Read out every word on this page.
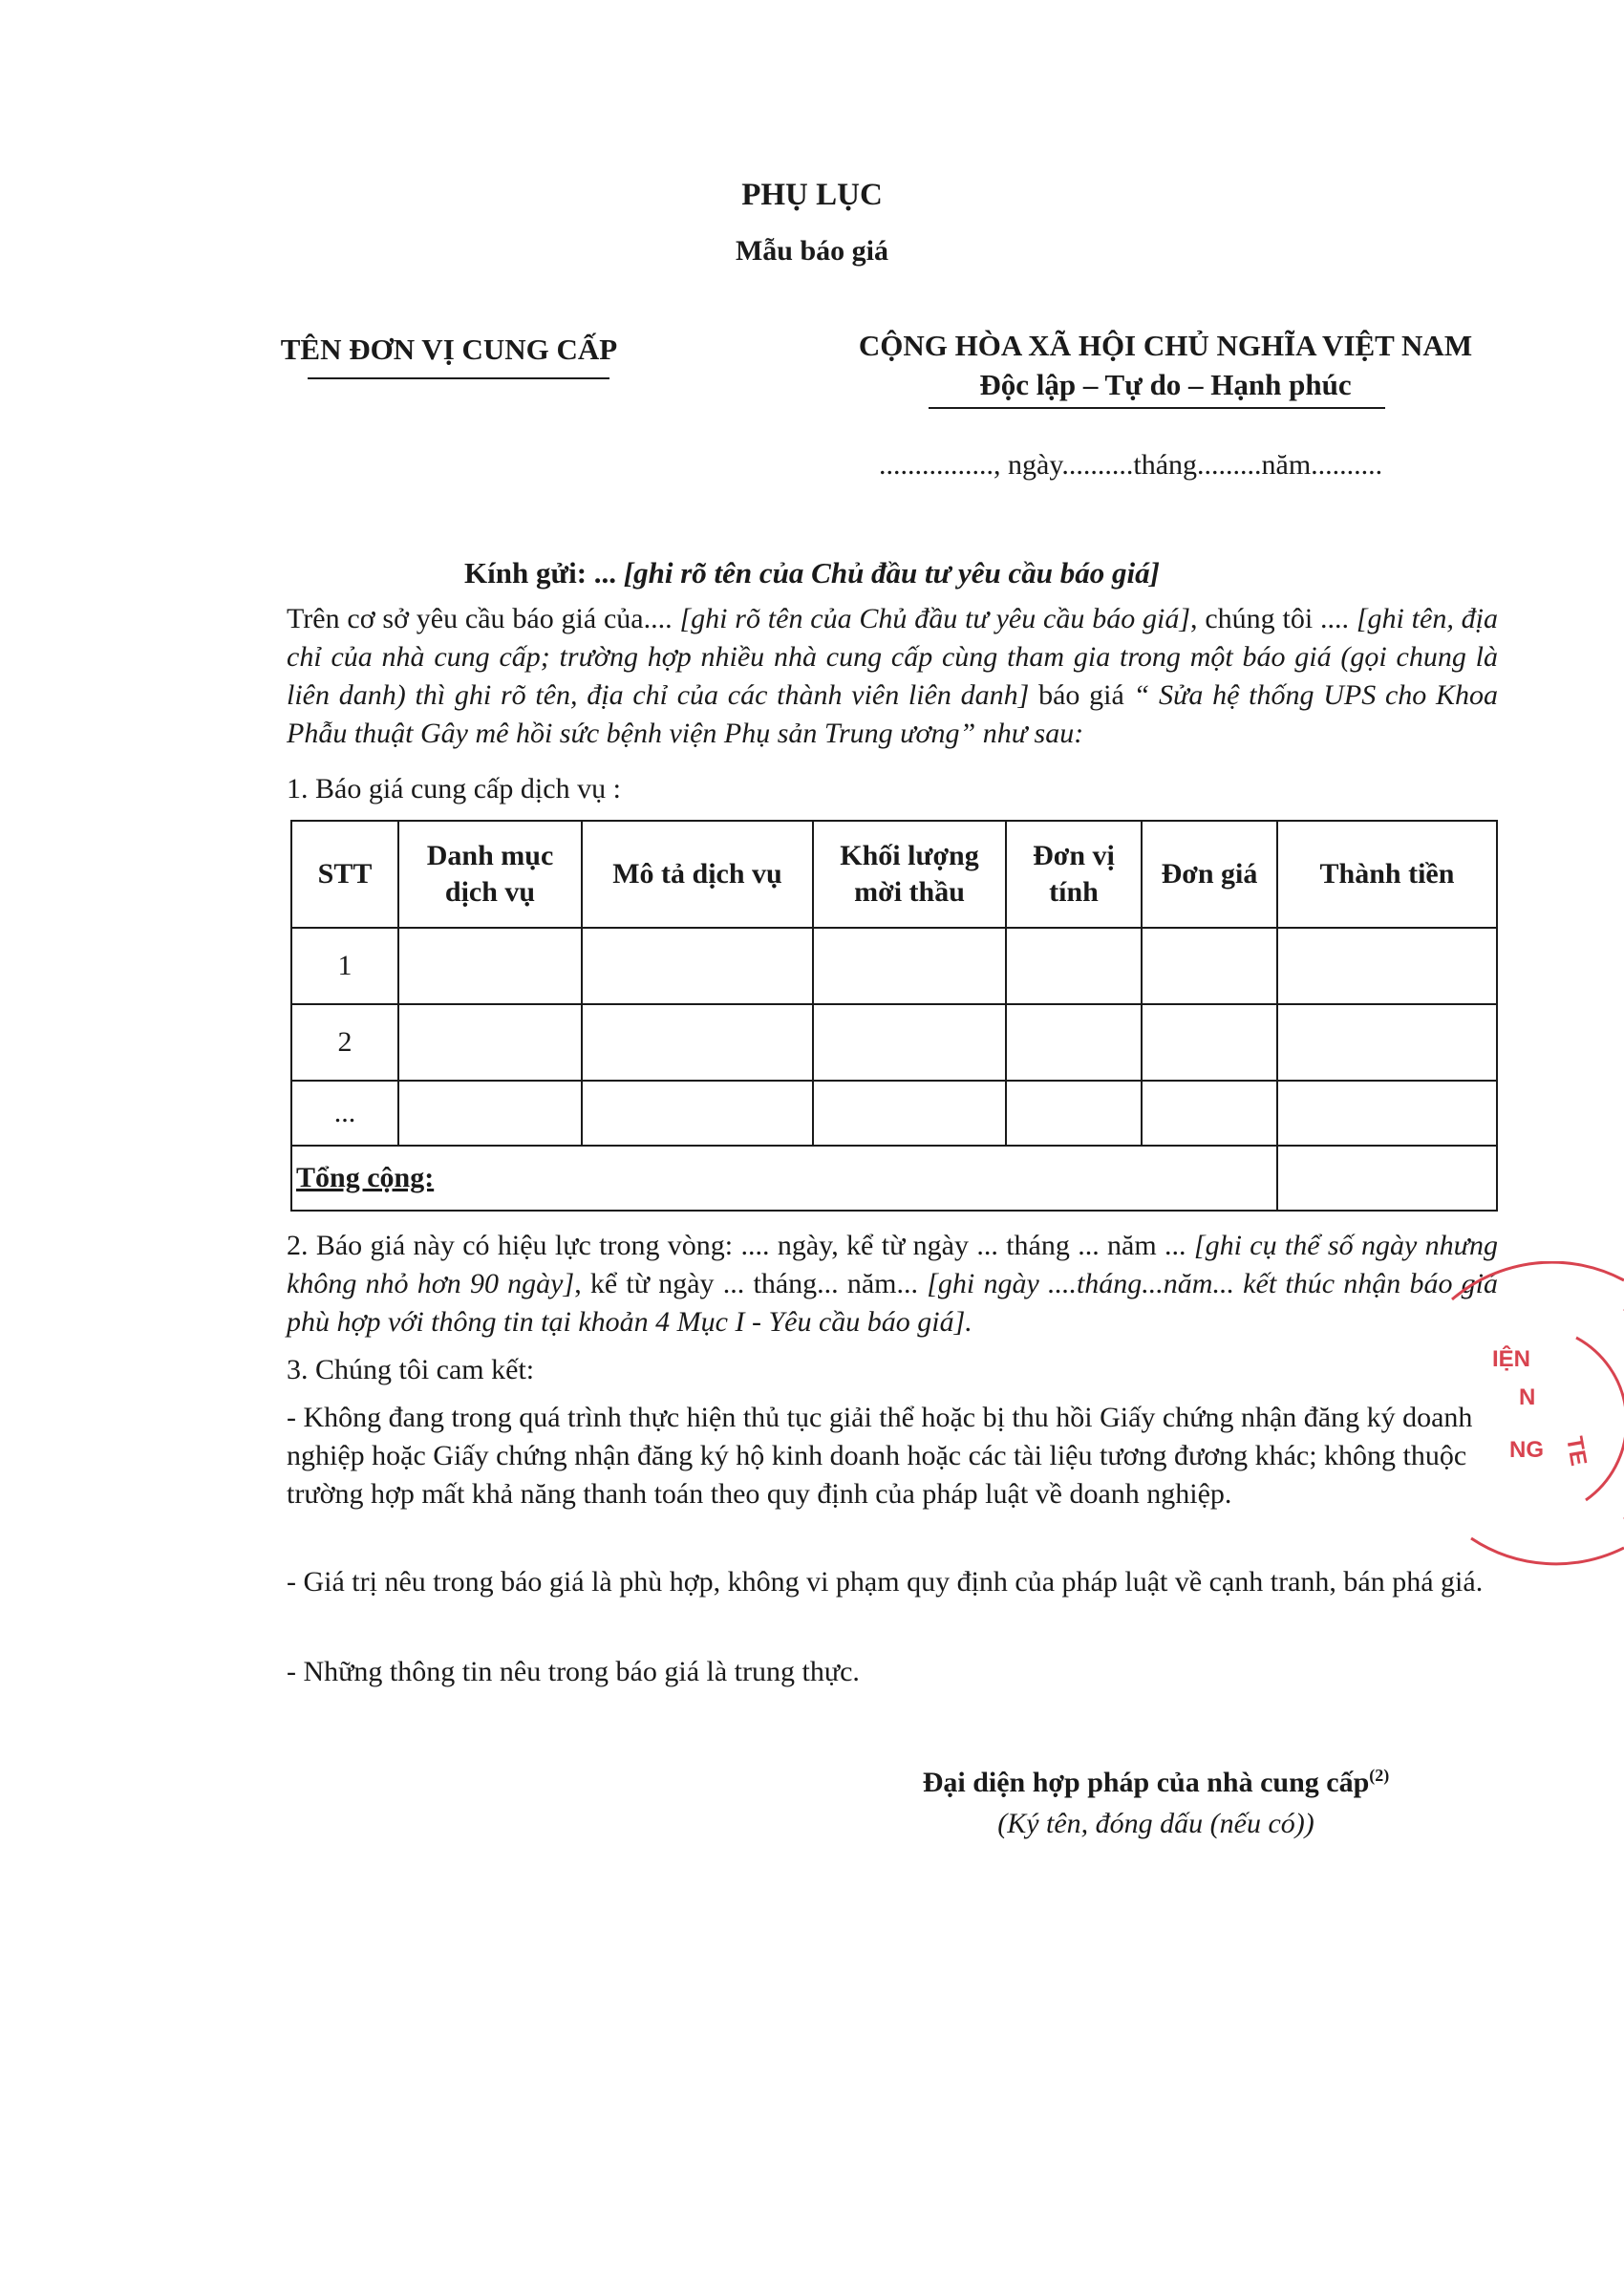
PHỤ LỤC
Mẫu báo giá
TÊN ĐƠN VỊ CUNG CẤP	CỘNG HÒA XÃ HỘI CHỦ NGHĨA VIỆT NAM
Độc lập – Tự do – Hạnh phúc
................, ngày..........tháng.........năm..........
Kính gửi: ... [ghi rõ tên của Chủ đầu tư yêu cầu báo giá]
Trên cơ sở yêu cầu báo giá của.... [ghi rõ tên của Chủ đầu tư yêu cầu báo giá], chúng tôi .... [ghi tên, địa chỉ của nhà cung cấp; trường hợp nhiều nhà cung cấp cùng tham gia trong một báo giá (gọi chung là liên danh) thì ghi rõ tên, địa chỉ của các thành viên liên danh] báo giá “ Sửa hệ thống UPS cho Khoa Phẫu thuật Gây mê hồi sức bệnh viện Phụ sản Trung ương” như sau:
1. Báo giá cung cấp dịch vụ :
STT	Danh mục dịch vụ	Mô tả dịch vụ	Khối lượng mời thầu	Đơn vị tính	Đơn giá	Thành tiền
1						
2						
...						
Tổng cộng:						
2. Báo giá này có hiệu lực trong vòng: .... ngày, kể từ ngày ... tháng ... năm ... [ghi cụ thể số ngày nhưng không nhỏ hơn 90 ngày], kể từ ngày ... tháng... năm... [ghi ngày ....tháng...năm... kết thúc nhận báo giá phù hợp với thông tin tại khoản 4 Mục I - Yêu cầu báo giá].
3. Chúng tôi cam kết:
- Không đang trong quá trình thực hiện thủ tục giải thể hoặc bị thu hồi Giấy chứng nhận đăng ký doanh nghiệp hoặc Giấy chứng nhận đăng ký hộ kinh doanh hoặc các tài liệu tương đương khác; không thuộc trường hợp mất khả năng thanh toán theo quy định của pháp luật về doanh nghiệp.
- Giá trị nêu trong báo giá là phù hợp, không vi phạm quy định của pháp luật về cạnh tranh, bán phá giá.
- Những thông tin nêu trong báo giá là trung thực.
Đại diện hợp pháp của nhà cung cấp$^{(2)}$
(Ký tên, đóng dấu (nếu có))
IỆN
N
NG TE
